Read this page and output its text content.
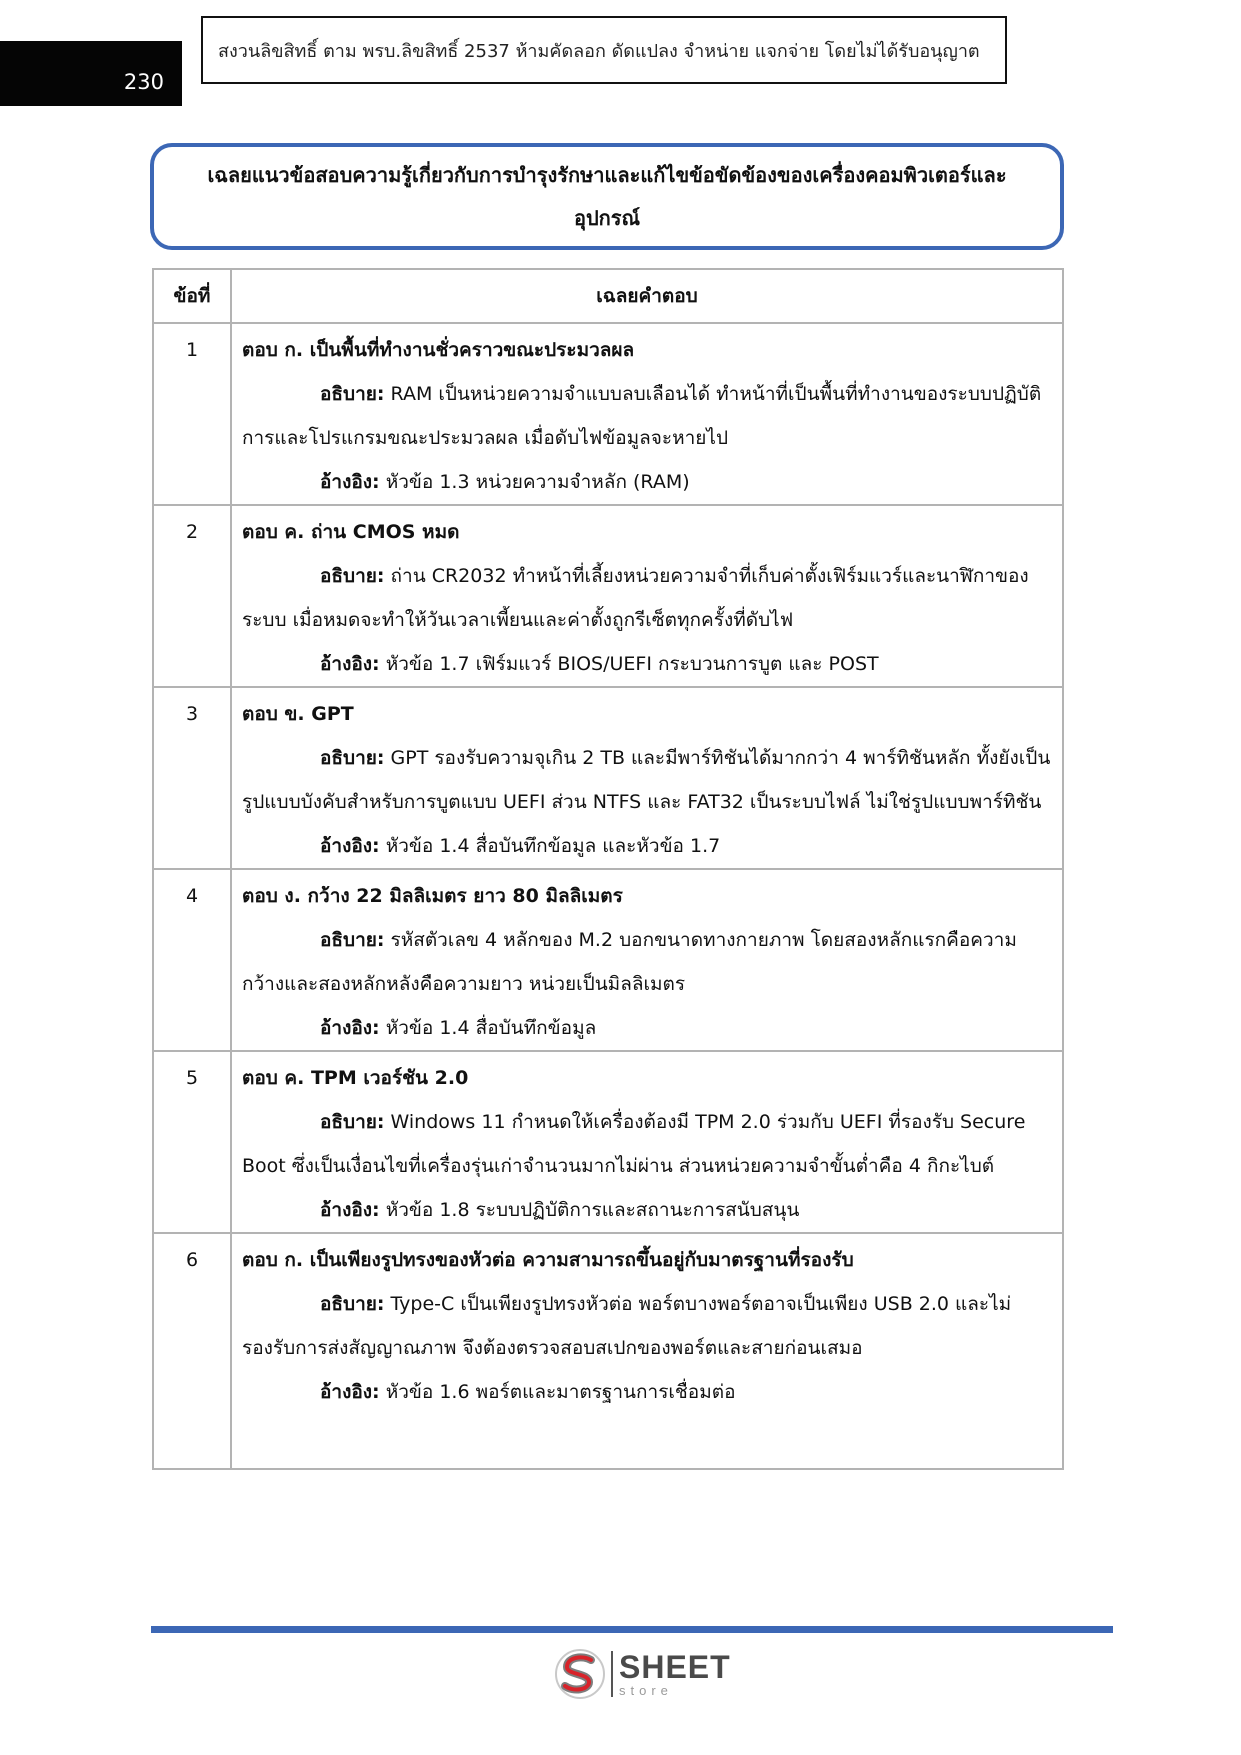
230
สงวนลิขสิทธิ์ ตาม พรบ.ลิขสิทธิ์ 2537 ห้ามคัดลอก ดัดแปลง จำหน่าย แจกจ่าย โดยไม่ได้รับอนุญาต
เฉลยแนวข้อสอบความรู้เกี่ยวกับการบำรุงรักษาและแก้ไขข้อขัดข้องของเครื่องคอมพิวเตอร์และอุปกรณ์
ข้อที่	เฉลยคำตอบ
1	ตอบ ก. เป็นพื้นที่ทำงานชั่วคราวขณะประมวลผล
อธิบาย: RAM เป็นหน่วยความจำแบบลบเลือนได้ ทำหน้าที่เป็นพื้นที่ทำงานของระบบปฏิบัติการและโปรแกรมขณะประมวลผล เมื่อดับไฟข้อมูลจะหายไป
อ้างอิง: หัวข้อ 1.3 หน่วยความจำหลัก (RAM)

2	ตอบ ค. ถ่าน CMOS หมด
อธิบาย: ถ่าน CR2032 ทำหน้าที่เลี้ยงหน่วยความจำที่เก็บค่าตั้งเฟิร์มแวร์และนาฬิกาของระบบ เมื่อหมดจะทำให้วันเวลาเพี้ยนและค่าตั้งถูกรีเซ็ตทุกครั้งที่ดับไฟ
อ้างอิง: หัวข้อ 1.7 เฟิร์มแวร์ BIOS/UEFI กระบวนการบูต และ POST

3	ตอบ ข. GPT
อธิบาย: GPT รองรับความจุเกิน 2 TB และมีพาร์ทิชันได้มากกว่า 4 พาร์ทิชันหลัก ทั้งยังเป็นรูปแบบบังคับสำหรับการบูตแบบ UEFI ส่วน NTFS และ FAT32 เป็นระบบไฟล์ ไม่ใช่รูปแบบพาร์ทิชัน
อ้างอิง: หัวข้อ 1.4 สื่อบันทึกข้อมูล และหัวข้อ 1.7

4	ตอบ ง. กว้าง 22 มิลลิเมตร ยาว 80 มิลลิเมตร
อธิบาย: รหัสตัวเลข 4 หลักของ M.2 บอกขนาดทางกายภาพ โดยสองหลักแรกคือความกว้างและสองหลักหลังคือความยาว หน่วยเป็นมิลลิเมตร
อ้างอิง: หัวข้อ 1.4 สื่อบันทึกข้อมูล

5	ตอบ ค. TPM เวอร์ชัน 2.0
อธิบาย: Windows 11 กำหนดให้เครื่องต้องมี TPM 2.0 ร่วมกับ UEFI ที่รองรับ Secure Boot ซึ่งเป็นเงื่อนไขที่เครื่องรุ่นเก่าจำนวนมากไม่ผ่าน ส่วนหน่วยความจำขั้นต่ำคือ 4 กิกะไบต์
อ้างอิง: หัวข้อ 1.8 ระบบปฏิบัติการและสถานะการสนับสนุน

6	ตอบ ก. เป็นเพียงรูปทรงของหัวต่อ ความสามารถขึ้นอยู่กับมาตรฐานที่รองรับ
อธิบาย: Type-C เป็นเพียงรูปทรงหัวต่อ พอร์ตบางพอร์ตอาจเป็นเพียง USB 2.0 และไม่รองรับการส่งสัญญาณภาพ จึงต้องตรวจสอบสเปกของพอร์ตและสายก่อนเสมอ
อ้างอิง: หัวข้อ 1.6 พอร์ตและมาตรฐานการเชื่อมต่อ
SHEET
store
